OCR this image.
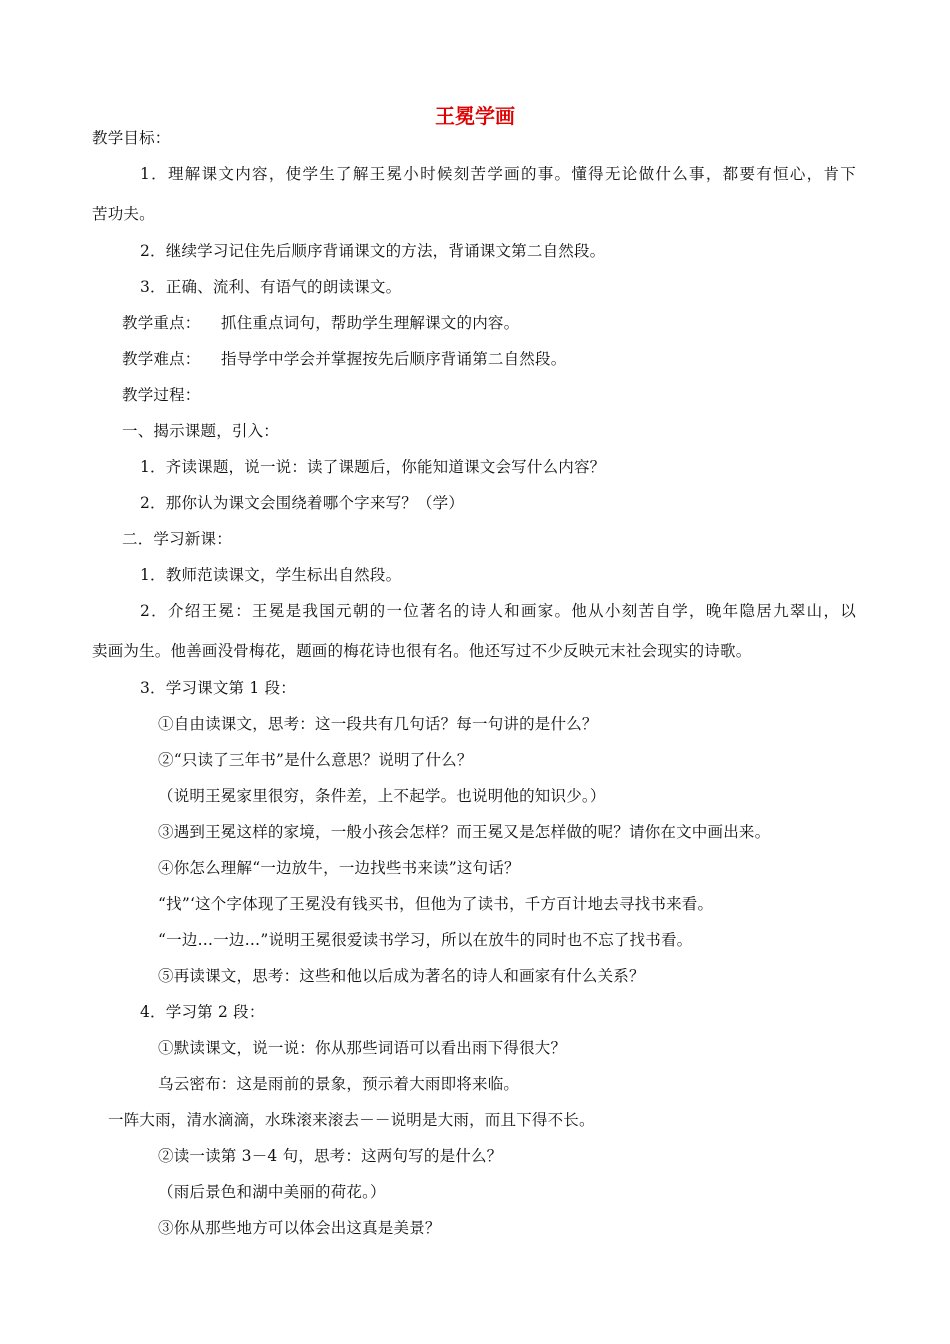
王冕学画
教学目标：
1．理解课文内容，使学生了解王冕小时候刻苦学画的事。懂得无论做什么事，都要有恒心，肯下
苦功夫。
2．继续学习记住先后顺序背诵课文的方法，背诵课文第二自然段。
3．正确、流利、有语气的朗读课文。
教学重点：    抓住重点词句，帮助学生理解课文的内容。
教学难点：    指导学中学会并掌握按先后顺序背诵第二自然段。
教学过程：
一、揭示课题，引入：
1．齐读课题，说一说：读了课题后，你能知道课文会写什么内容？
2．那你认为课文会围绕着哪个字来写？（学）
二．学习新课：
1．教师范读课文，学生标出自然段。
2．介绍王冕：王冕是我国元朝的一位著名的诗人和画家。他从小刻苦自学，晚年隐居九翠山，以
卖画为生。他善画没骨梅花，题画的梅花诗也很有名。他还写过不少反映元末社会现实的诗歌。
3．学习课文第 1 段：
①自由读课文，思考：这一段共有几句话？每一句讲的是什么？
②“只读了三年书”是什么意思？说明了什么？
（说明王冕家里很穷，条件差，上不起学。也说明他的知识少。）
③遇到王冕这样的家境，一般小孩会怎样？而王冕又是怎样做的呢？请你在文中画出来。
④你怎么理解“一边放牛，一边找些书来读”这句话？
“找”‘这个字体现了王冕没有钱买书，但他为了读书，千方百计地去寻找书来看。
“一边…一边…”说明王冕很爱读书学习，所以在放牛的同时也不忘了找书看。
⑤再读课文，思考：这些和他以后成为著名的诗人和画家有什么关系？
4．学习第 2 段：
①默读课文，说一说：你从那些词语可以看出雨下得很大？
乌云密布：这是雨前的景象，预示着大雨即将来临。
一阵大雨，清水滴滴，水珠滚来滚去－－说明是大雨，而且下得不长。
②读一读第 3－4 句，思考：这两句写的是什么？
（雨后景色和湖中美丽的荷花。）
③你从那些地方可以体会出这真是美景？
